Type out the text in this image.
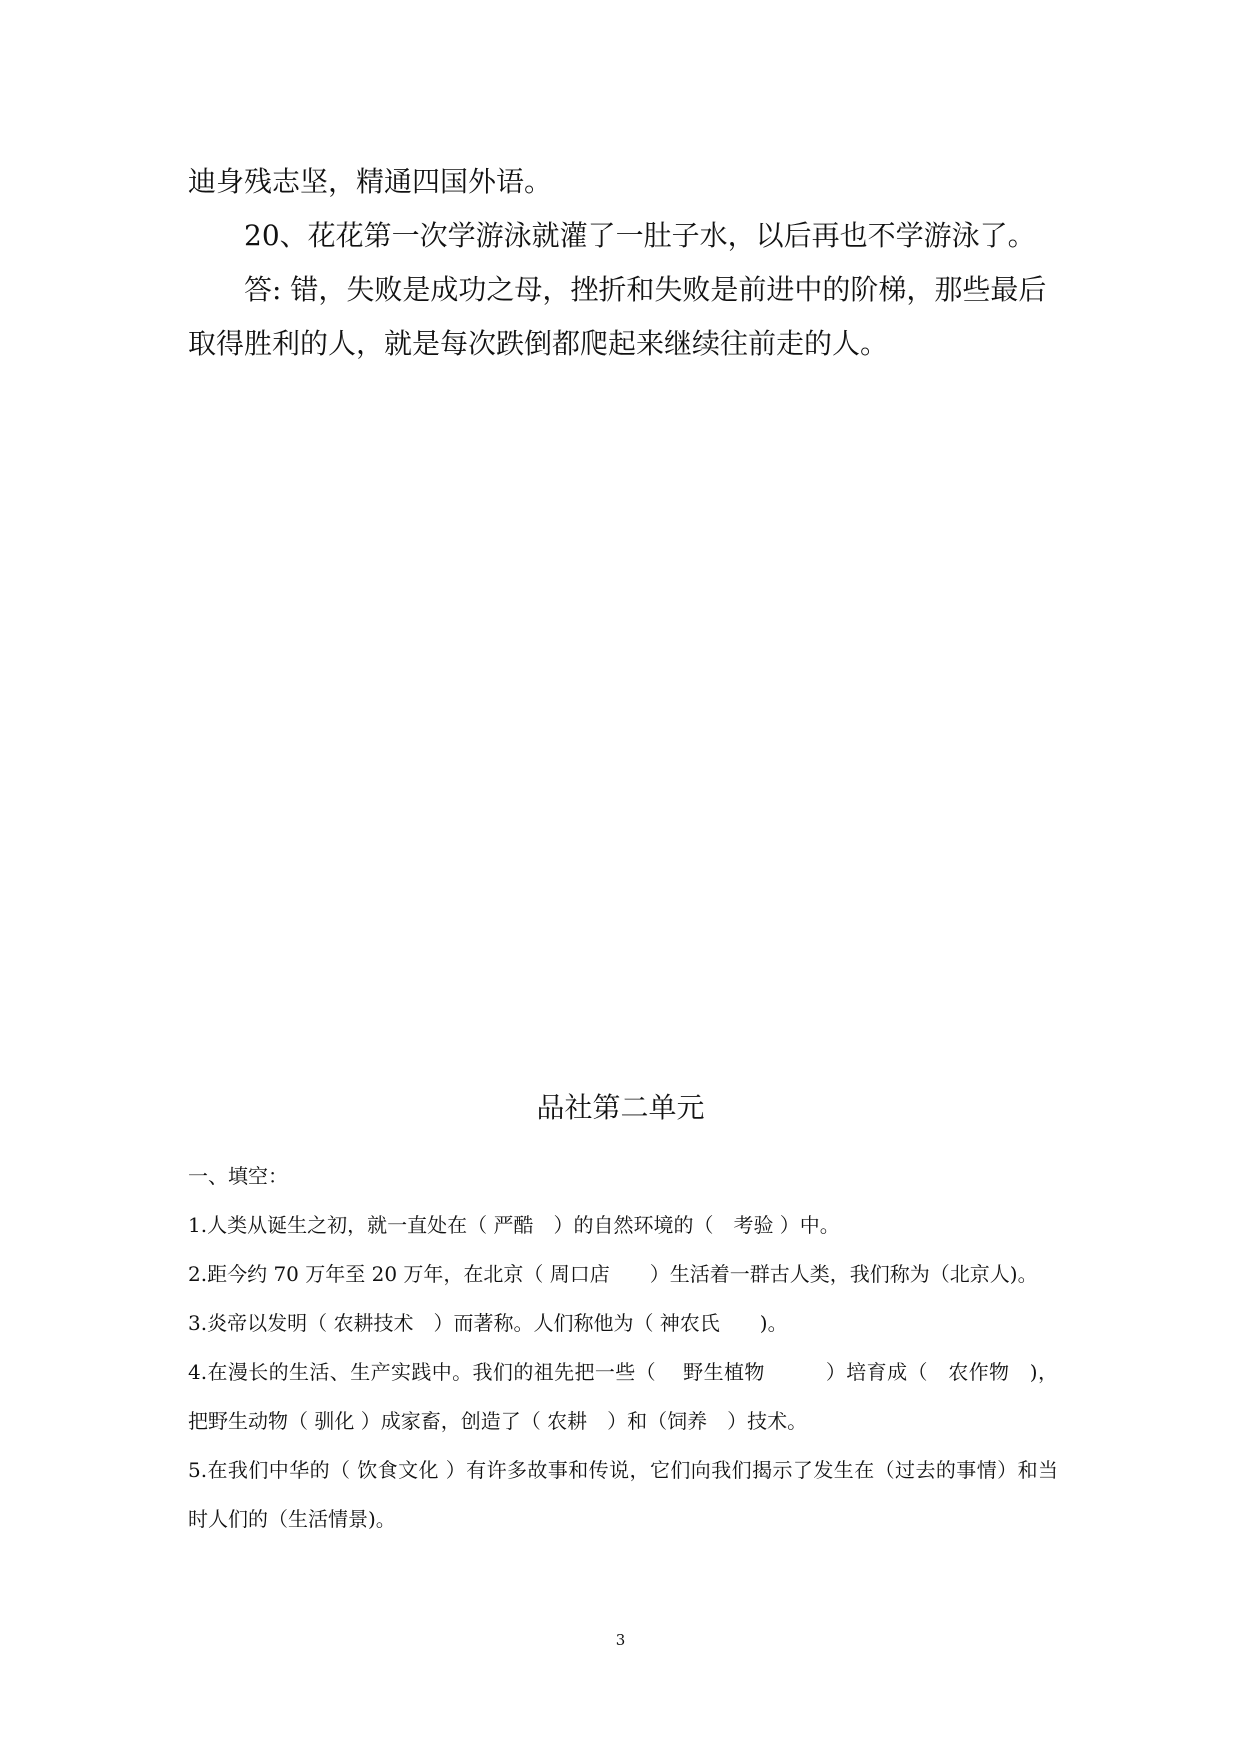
迪身残志坚，精通四国外语。

20、花花第一次学游泳就灌了一肚子水，以后再也不学游泳了。

答: 错，失败是成功之母，挫折和失败是前进中的阶梯，那些最后取得胜利的人，就是每次跌倒都爬起来继续往前走的人。

品社第二单元

一、填空：

1.人类从诞生之初，就一直处在（ 严酷　）的自然环境的（　考验 ）中。

2.距今约 70 万年至 20 万年，在北京（ 周口店　　）生活着一群古人类，我们称为（北京人)。

3.炎帝以发明（ 农耕技术　）而著称。人们称他为（ 神农氏　　)。

4.在漫长的生活、生产实践中。我们的祖先把一些（　 野生植物　　　）培育成（　农作物　)，把野生动物（ 驯化 ）成家畜，创造了（ 农耕　）和（饲养　）技术。

5.在我们中华的（ 饮食文化 ）有许多故事和传说，它们向我们揭示了发生在（过去的事情）和当时人们的（生活情景)。

3
